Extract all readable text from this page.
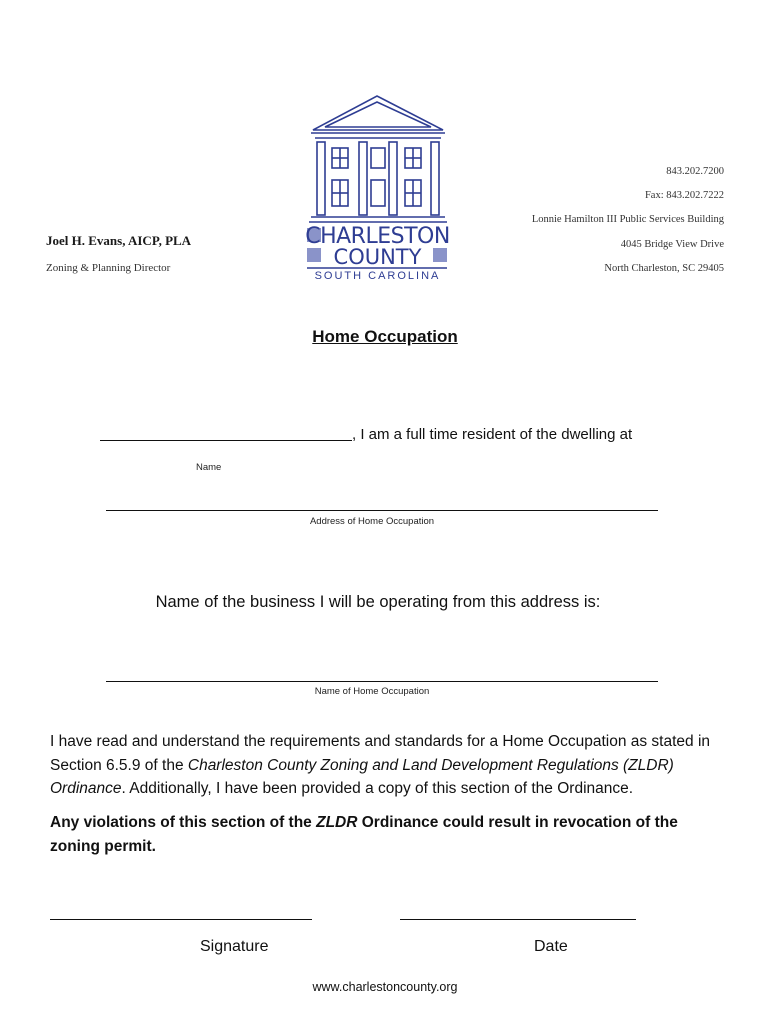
Joel H. Evans, AICP, PLA
Zoning & Planning Director
CHARLESTON
COUNTY
SOUTH CAROLINA
843.202.7200
Fax: 843.202.7222
Lonnie Hamilton III Public Services Building
4045 Bridge View Drive
North Charleston, SC 29405
Home Occupation
, I am a full time resident of the dwelling at
Name
Address of Home Occupation
Name of the business I will be operating from this address is:
Name of Home Occupation
I have read and understand the requirements and standards for a Home Occupation as stated in Section 6.5.9 of the Charleston County Zoning and Land Development Regulations (ZLDR) Ordinance. Additionally, I have been provided a copy of this section of the Ordinance.
Any violations of this section of the ZLDR Ordinance could result in revocation of the zoning permit.
Signature	Date
www.charlestoncounty.org
